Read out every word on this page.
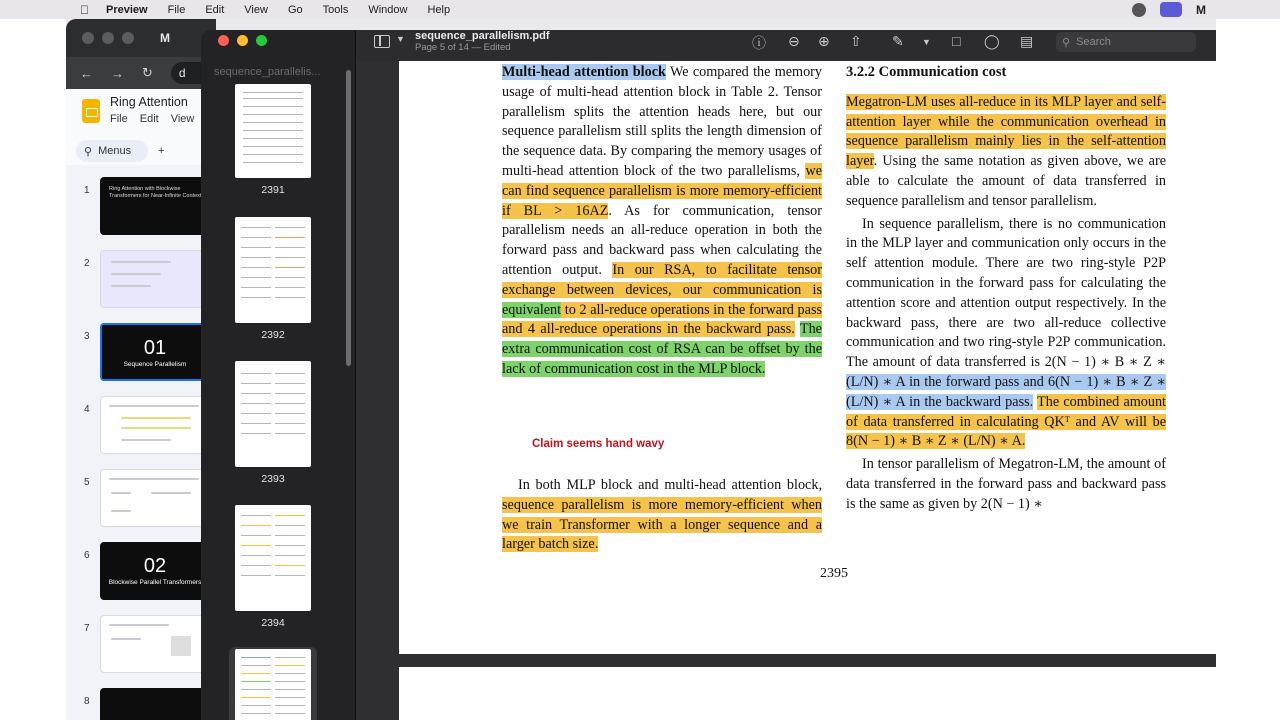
Preview File Edit View Go Tools Window Help	M
M
← → ↻ d
Ring Attention
File Edit View
⚲ Menus +
1	Ring Attention with Blockwise Transformers for Near-Infinite Context
2
3
01
Sequence Parallelism
4
5
6	02
Blockwise Parallel Transformers
7
8
sequence_parallelis...
2391
2392
2393
2394
▼ sequence_parallelism.pdf
Page 5 of 14 — Edited	ⓘ ⊖ ⊕ ⇧ ✎ ▼ □ ◯ ▤	⚲ Search

Multi-head attention block We compared the memory usage of multi-head attention block in Table 2. Tensor parallelism splits the attention heads here, but our sequence parallelism still splits the length dimension of the sequence data. By comparing the memory usages of multi-head attention block of the two parallelisms, we can find sequence parallelism is more memory-efficient if BL > 16AZ. As for communication, tensor parallelism needs an all-reduce operation in both the forward pass and backward pass when calculating the attention output. In our RSA, to facilitate tensor exchange between devices, our communication is equivalent to 2 all-reduce operations in the forward pass and 4 all-reduce operations in the backward pass. The extra communication cost of RSA can be offset by the lack of communication cost in the MLP block.

Claim seems hand wavy

In both MLP block and multi-head attention block, sequence parallelism is more memory-efficient when we train Transformer with a longer sequence and a larger batch size.

3.2.2 Communication cost

Megatron-LM uses all-reduce in its MLP layer and self-attention layer while the communication overhead in sequence parallelism mainly lies in the self-attention layer. Using the same notation as given above, we are able to calculate the amount of data transferred in sequence parallelism and tensor parallelism.

In sequence parallelism, there is no communication in the MLP layer and communication only occurs in the self attention module. There are two ring-style P2P communication in the forward pass for calculating the attention score and attention output respectively. In the backward pass, there are two all-reduce collective communication and two ring-style P2P communication. The amount of data transferred is 2(N − 1) ∗ B ∗ Z ∗ (L/N) ∗ A in the forward pass and 6(N − 1) ∗ B ∗ Z ∗ (L/N) ∗ A in the backward pass. The combined amount of data transferred in calculating QKᵀ and AV will be 8(N − 1) ∗ B ∗ Z ∗ (L/N) ∗ A.

In tensor parallelism of Megatron-LM, the amount of data transferred in the forward pass and backward pass is the same as given by 2(N − 1) ∗

2395
